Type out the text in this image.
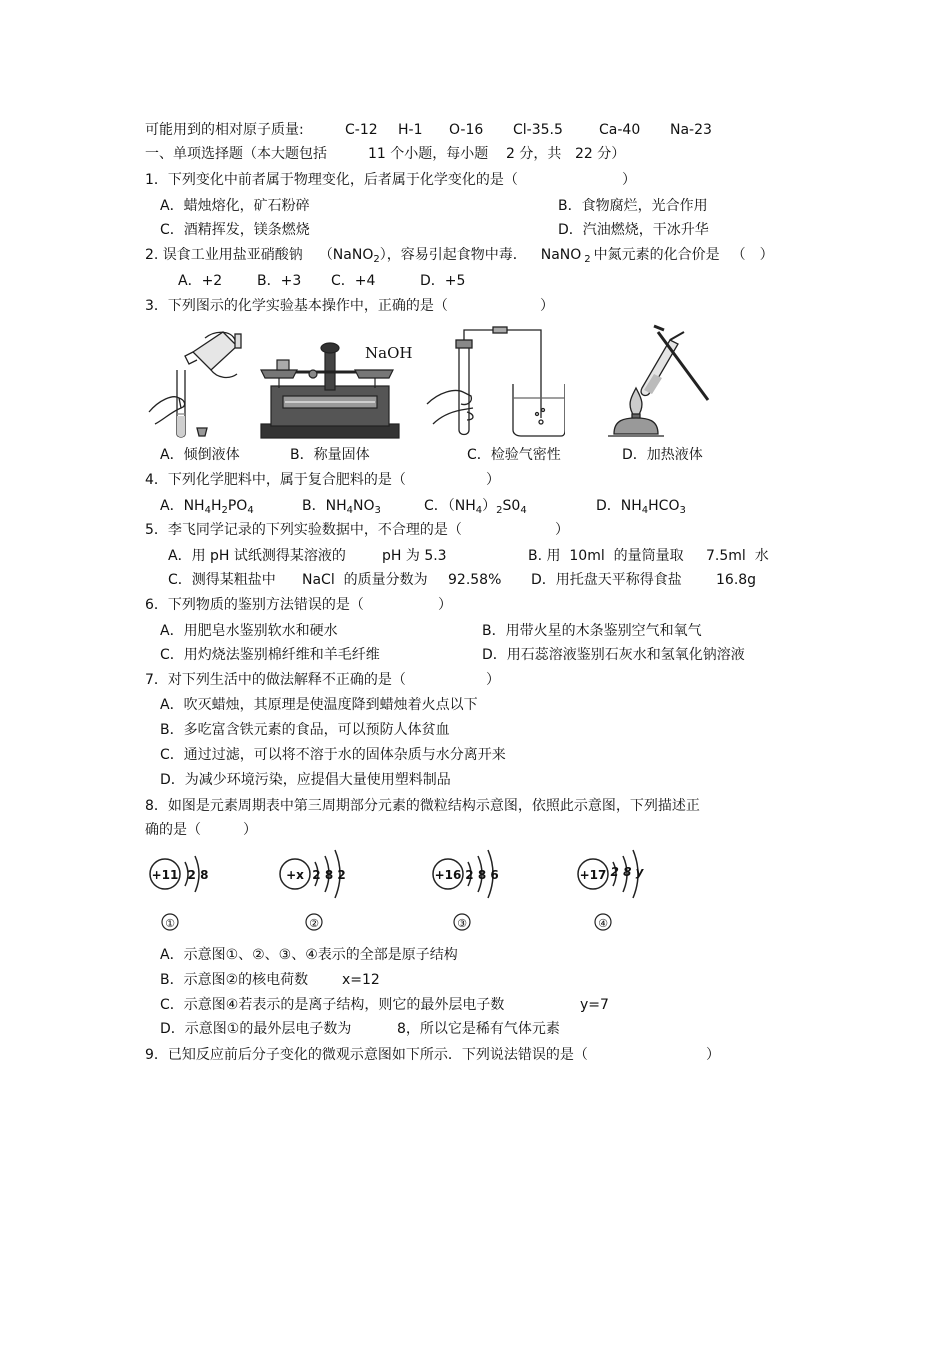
可能用到的相对原子质量:	C-12 H-1 O-16 Cl-35.5	Ca-40 Na-23
一、单项选择题（本大题包括	11 个小题，每小题 2 分，共 22 分）
1．下列变化中前者属于物理变化，后者属于化学变化的是（	）
A．蜡烛熔化，矿石粉碎	B．食物腐烂，光合作用
C．酒精挥发，镁条燃烧	D．汽油燃烧，干冰升华
2. 误食工业用盐亚硝酸钠 （NaNO$_2$），容易引起食物中毒． NaNO $_2$ 中氮元素的化合价是 （ ）
A．+2 B．+3 C．+4	D．+5
3．下列图示的化学实验基本操作中，正确的是（	）
NaOH
A．倾倒液体	B．称量固体	C．检验气密性	D．加热液体
4．下列化学肥料中，属于复合肥料的是（	）
A．$NH_4H_2PO_4$	B．$NH_4NO_3$	C．$(NH_4)_2S0_4$	D．$NH_4HCO_3$
5．李飞同学记录的下列实验数据中，不合理的是（	）
A．用 pH 试纸测得某溶液的	pH 为 5.3	B. 用  10ml  的量筒量取 7.5ml  水
C．测得某粗盐中 NaCl  的质量分数为 92.58% D．用托盘天平称得食盐 16.8g
6．下列物质的鉴别方法错误的是（	）
A．用肥皂水鉴别软水和硬水	B．用带火星的木条鉴别空气和氧气
C．用灼烧法鉴别棉纤维和羊毛纤维	D．用石蕊溶液鉴别石灰水和氢氧化钠溶液
7．对下列生活中的做法解释不正确的是（	）
A．吹灭蜡烛，其原理是使温度降到蜡烛着火点以下
B．多吃富含铁元素的食品，可以预防人体贫血
C．通过过滤，可以将不溶于水的固体杂质与水分离开来
D．为减少环境污染，应提倡大量使用塑料制品
8．如图是元素周期表中第三周期部分元素的微粒结构示意图，依照此示意图，下列描述正
确的是（	）
+11 2 8
①
+x 2 8 2
②
+16 2 8 6
③
+17 2 8 y
④
A．示意图①、②、③、④表示的全部是原子结构
B．示意图②的核电荷数 x=12
C．示意图④若表示的是离子结构，则它的最外层电子数	y=7
D．示意图①的最外层电子数为	8，所以它是稀有气体元素
9．已知反应前后分子变化的微观示意图如下所示．下列说法错误的是（	）
